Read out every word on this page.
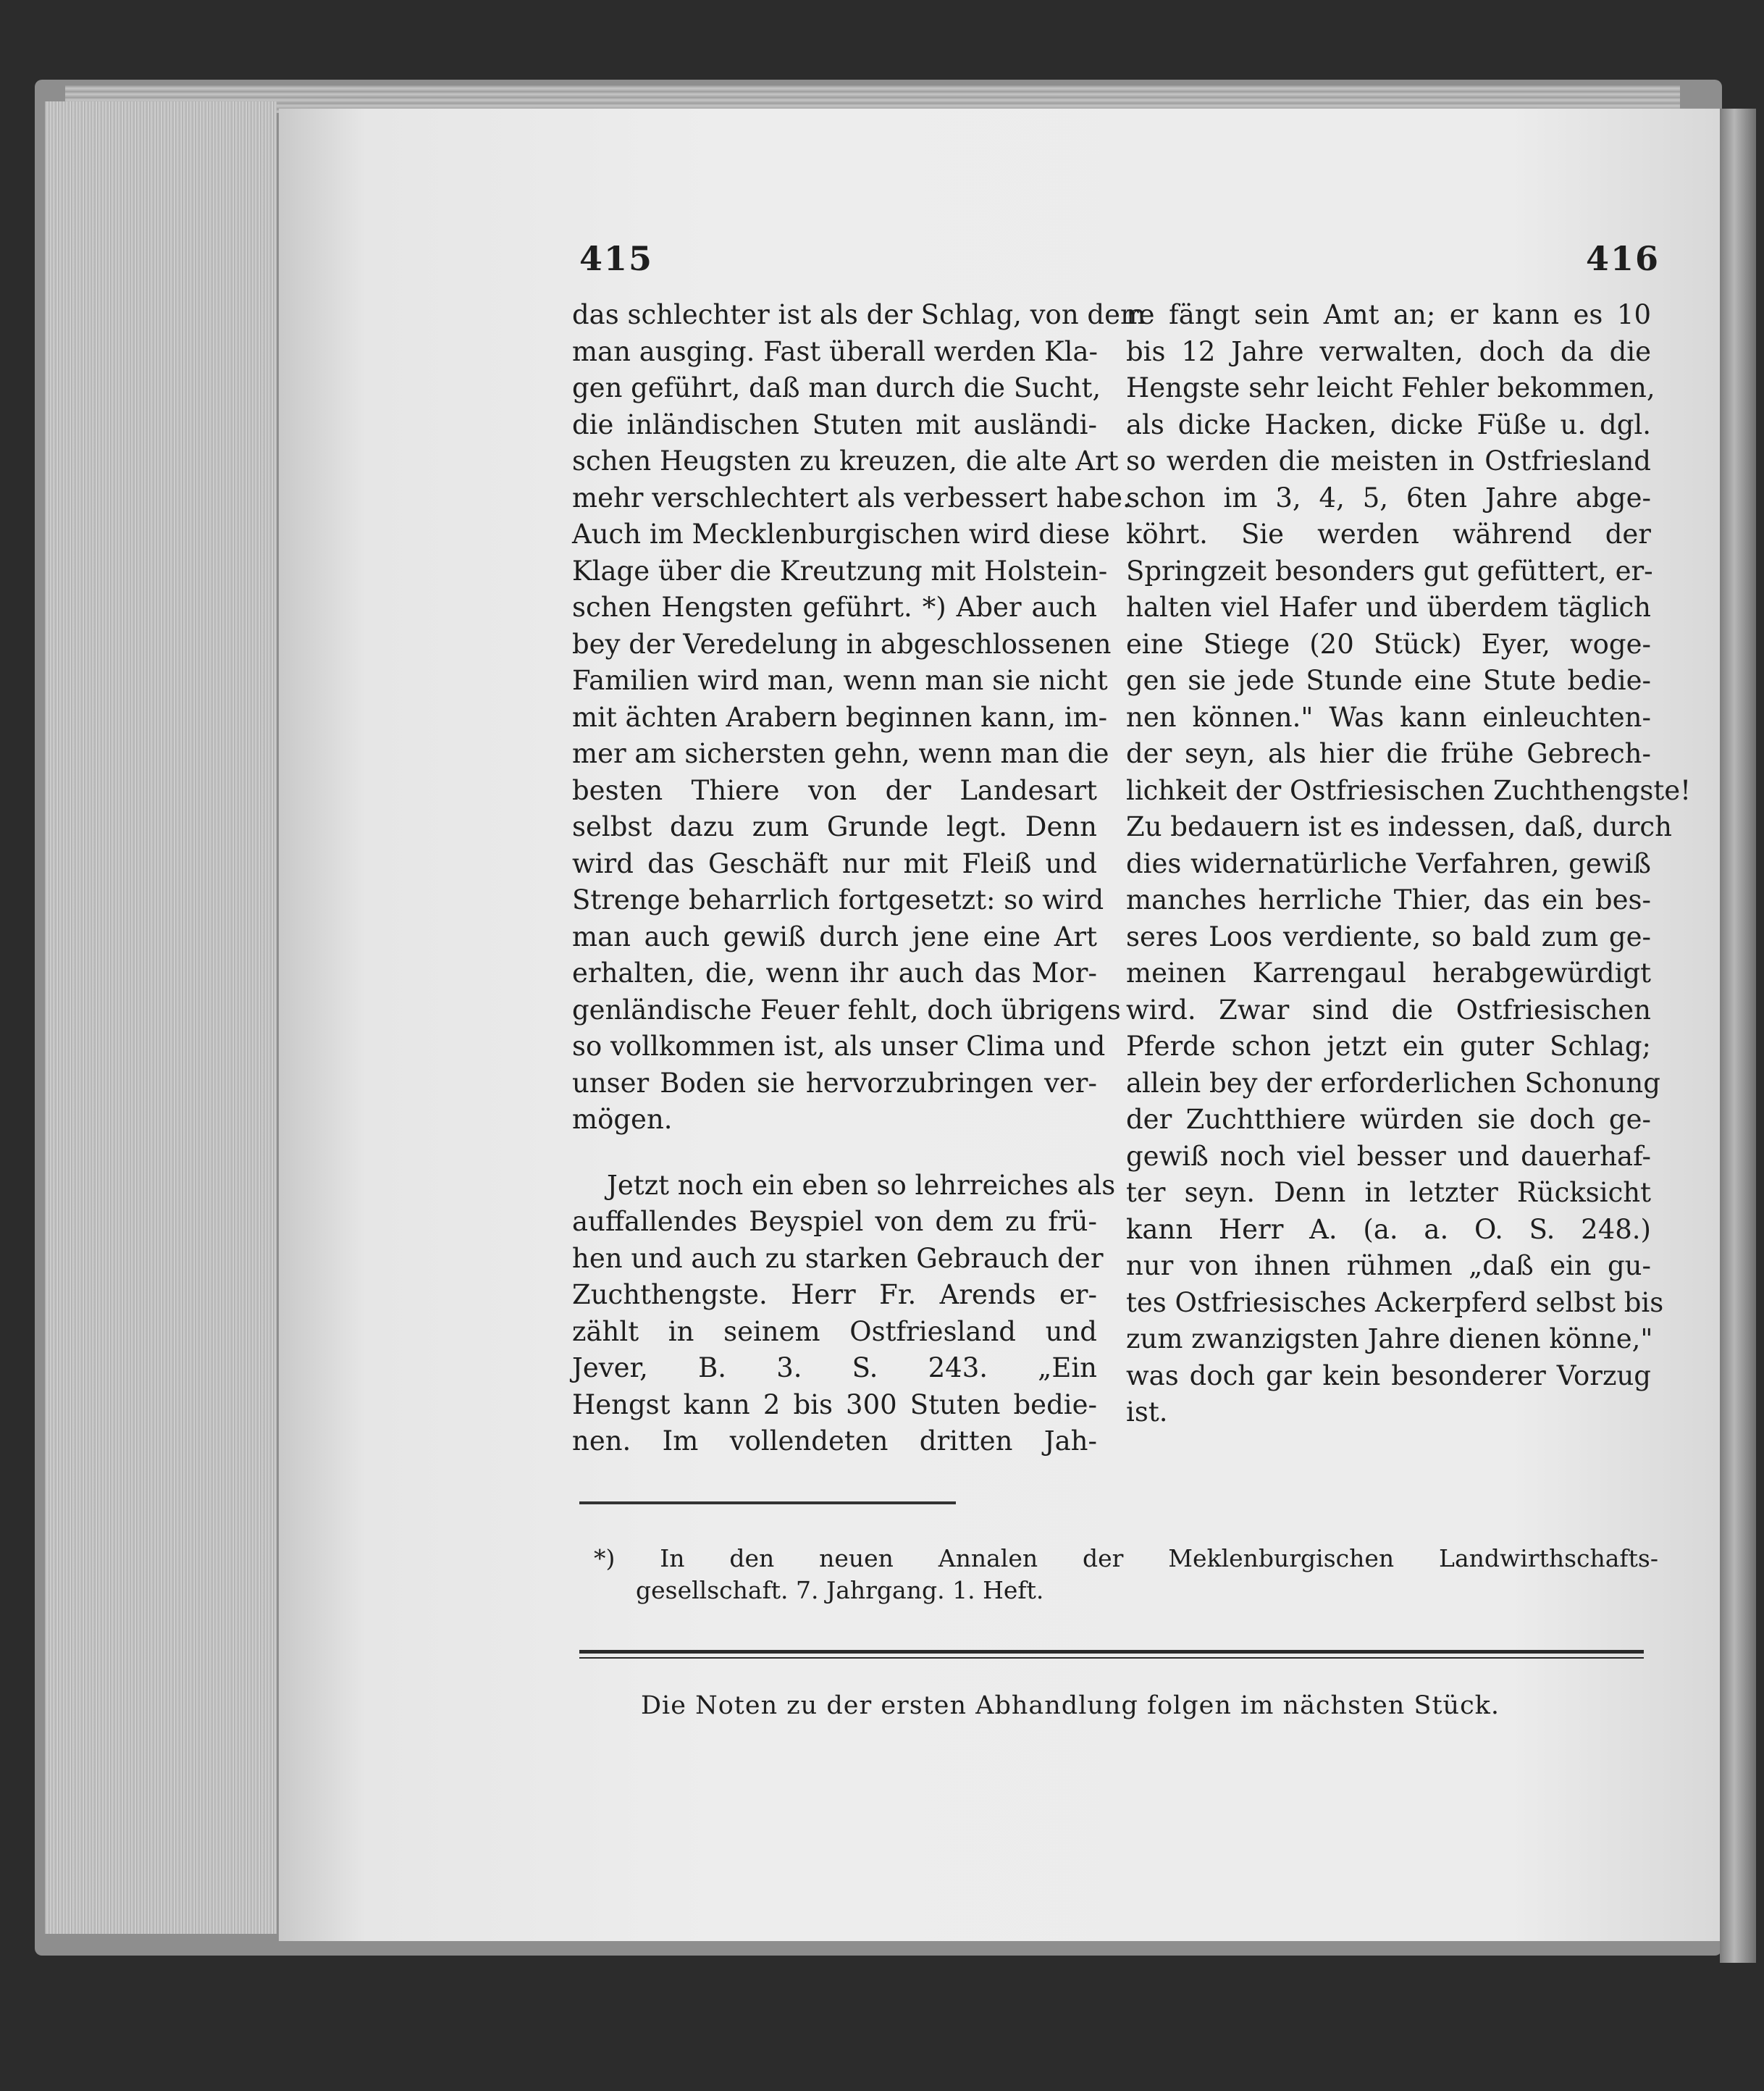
415	416
das schlechter ist als der Schlag, von dem
man ausging. Fast überall werden Kla-
gen geführt, daß man durch die Sucht,
die inländischen Stuten mit ausländi-
schen Heugsten zu kreuzen, die alte Art
mehr verschlechtert als verbessert habe.
Auch im Mecklenburgischen wird diese
Klage über die Kreutzung mit Holstein-
schen Hengsten geführt. *) Aber auch
bey der Veredelung in abgeschlossenen
Familien wird man, wenn man sie nicht
mit ächten Arabern beginnen kann, im-
mer am sichersten gehn, wenn man die
besten Thiere von der Landesart
selbst dazu zum Grunde legt. Denn
wird das Geschäft nur mit Fleiß und
Strenge beharrlich fortgesetzt: so wird
man auch gewiß durch jene eine Art
erhalten, die, wenn ihr auch das Mor-
genländische Feuer fehlt, doch übrigens
so vollkommen ist, als unser Clima und
unser Boden sie hervorzubringen ver-
mögen.
Jetzt noch ein eben so lehrreiches als
auffallendes Beyspiel von dem zu frü-
hen und auch zu starken Gebrauch der
Zuchthengste. Herr Fr. Arends er-
zählt in seinem Ostfriesland und
Jever, B. 3. S. 243. „Ein
Hengst kann 2 bis 300 Stuten bedie-
nen. Im vollendeten dritten Jah-
re fängt sein Amt an; er kann es 10
bis 12 Jahre verwalten, doch da die
Hengste sehr leicht Fehler bekommen,
als dicke Hacken, dicke Füße u. dgl.
so werden die meisten in Ostfriesland
schon im 3, 4, 5, 6ten Jahre abge-
köhrt. Sie werden während der
Springzeit besonders gut gefüttert, er-
halten viel Hafer und überdem täglich
eine Stiege (20 Stück) Eyer, woge-
gen sie jede Stunde eine Stute bedie-
nen können." Was kann einleuchten-
der seyn, als hier die frühe Gebrech-
lichkeit der Ostfriesischen Zuchthengste!
Zu bedauern ist es indessen, daß, durch
dies widernatürliche Verfahren, gewiß
manches herrliche Thier, das ein bes-
seres Loos verdiente, so bald zum ge-
meinen Karrengaul herabgewürdigt
wird. Zwar sind die Ostfriesischen
Pferde schon jetzt ein guter Schlag;
allein bey der erforderlichen Schonung
der Zuchtthiere würden sie doch ge-
gewiß noch viel besser und dauerhaf-
ter seyn. Denn in letzter Rücksicht
kann Herr A. (a. a. O. S. 248.)
nur von ihnen rühmen „daß ein gu-
tes Ostfriesisches Ackerpferd selbst bis
zum zwanzigsten Jahre dienen könne,"
was doch gar kein besonderer Vorzug
ist.
*) In den neuen Annalen der Meklenburgischen Landwirthschafts-
gesellschaft. 7. Jahrgang. 1. Heft.
Die Noten zu der ersten Abhandlung folgen im nächsten Stück.
